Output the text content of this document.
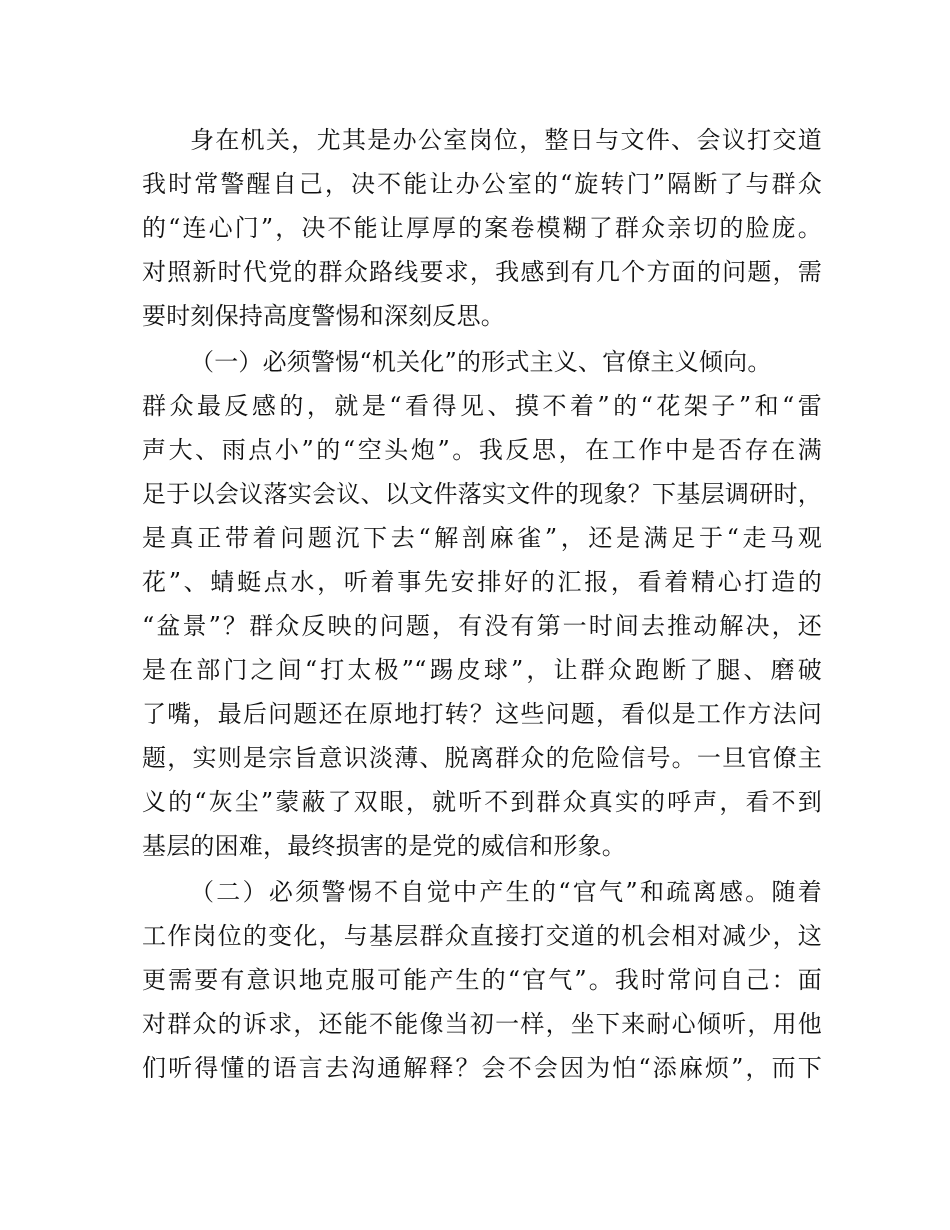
身在机关，尤其是办公室岗位，整日与文件、会议打交道
我时常警醒自己，决不能让办公室的“旋转门”隔断了与群众
的“连心门”，决不能让厚厚的案卷模糊了群众亲切的脸庞。
对照新时代党的群众路线要求，我感到有几个方面的问题，需
要时刻保持高度警惕和深刻反思。
（一）必须警惕“机关化”的形式主义、官僚主义倾向。
群众最反感的，就是“看得见、摸不着”的“花架子”和“雷
声大、雨点小”的“空头炮”。我反思，在工作中是否存在满
足于以会议落实会议、以文件落实文件的现象？下基层调研时，
是真正带着问题沉下去“解剖麻雀”，还是满足于“走马观
花”、蜻蜓点水，听着事先安排好的汇报，看着精心打造的
“盆景”？群众反映的问题，有没有第一时间去推动解决，还
是在部门之间“打太极”“踢皮球”，让群众跑断了腿、磨破
了嘴，最后问题还在原地打转？这些问题，看似是工作方法问
题，实则是宗旨意识淡薄、脱离群众的危险信号。一旦官僚主
义的“灰尘”蒙蔽了双眼，就听不到群众真实的呼声，看不到
基层的困难，最终损害的是党的威信和形象。
（二）必须警惕不自觉中产生的“官气”和疏离感。随着
工作岗位的变化，与基层群众直接打交道的机会相对减少，这
更需要有意识地克服可能产生的“官气”。我时常问自己：面
对群众的诉求，还能不能像当初一样，坐下来耐心倾听，用他
们听得懂的语言去沟通解释？会不会因为怕“添麻烦”，而下
